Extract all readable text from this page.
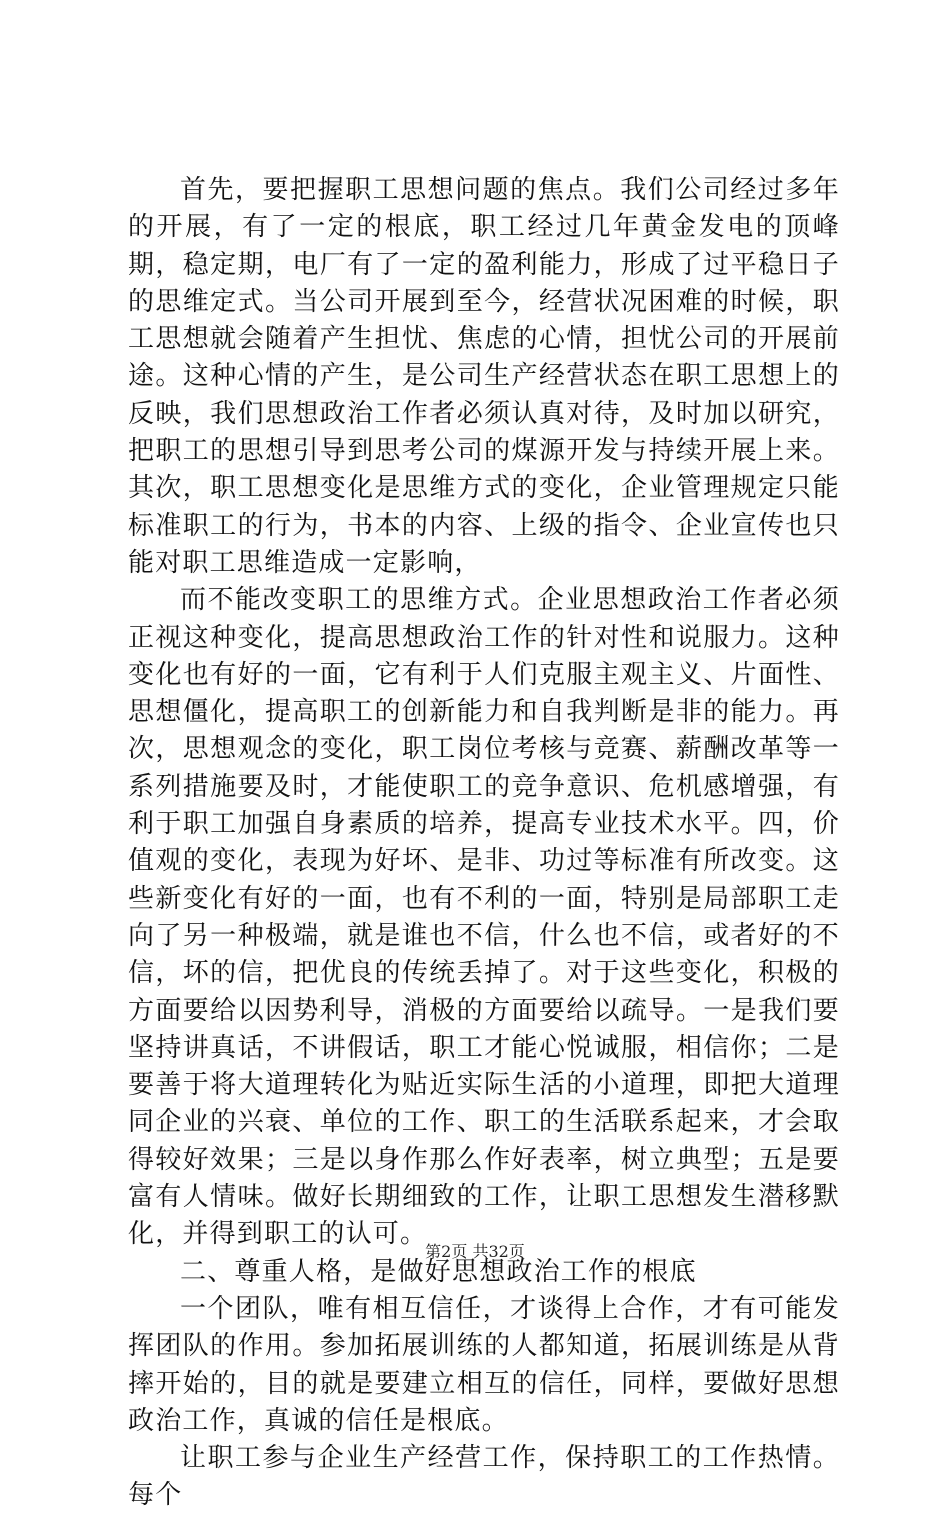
首先，要把握职工思想问题的焦点。我们公司经过多年的开展，有了一定的根底，职工经过几年黄金发电的顶峰期，稳定期，电厂有了一定的盈利能力，形成了过平稳日子的思维定式。当公司开展到至今，经营状况困难的时候，职工思想就会随着产生担忧、焦虑的心情，担忧公司的开展前途。这种心情的产生，是公司生产经营状态在职工思想上的反映，我们思想政治工作者必须认真对待，及时加以研究，把职工的思想引导到思考公司的煤源开发与持续开展上来。其次，职工思想变化是思维方式的变化，企业管理规定只能标准职工的行为，书本的内容、上级的指令、企业宣传也只能对职工思维造成一定影响，

而不能改变职工的思维方式。企业思想政治工作者必须正视这种变化，提高思想政治工作的针对性和说服力。这种变化也有好的一面，它有利于人们克服主观主义、片面性、思想僵化，提高职工的创新能力和自我判断是非的能力。再次，思想观念的变化，职工岗位考核与竞赛、薪酬改革等一系列措施要及时，才能使职工的竞争意识、危机感增强，有利于职工加强自身素质的培养，提高专业技术水平。四，价值观的变化，表现为好坏、是非、功过等标准有所改变。这些新变化有好的一面，也有不利的一面，特别是局部职工走向了另一种极端，就是谁也不信，什么也不信，或者好的不信，坏的信，把优良的传统丢掉了。对于这些变化，积极的方面要给以因势利导，消极的方面要给以疏导。一是我们要坚持讲真话，不讲假话，职工才能心悦诚服，相信你；二是要善于将大道理转化为贴近实际生活的小道理，即把大道理同企业的兴衰、单位的工作、职工的生活联系起来，才会取得较好效果；三是以身作那么作好表率，树立典型；五是要富有人情味。做好长期细致的工作，让职工思想发生潜移默化，并得到职工的认可。

二、尊重人格，是做好思想政治工作的根底

一个团队，唯有相互信任，才谈得上合作，才有可能发挥团队的作用。参加拓展训练的人都知道，拓展训练是从背摔开始的，目的就是要建立相互的信任，同样，要做好思想政治工作，真诚的信任是根底。

让职工参与企业生产经营工作，保持职工的工作热情。每个

第2页 共32页
